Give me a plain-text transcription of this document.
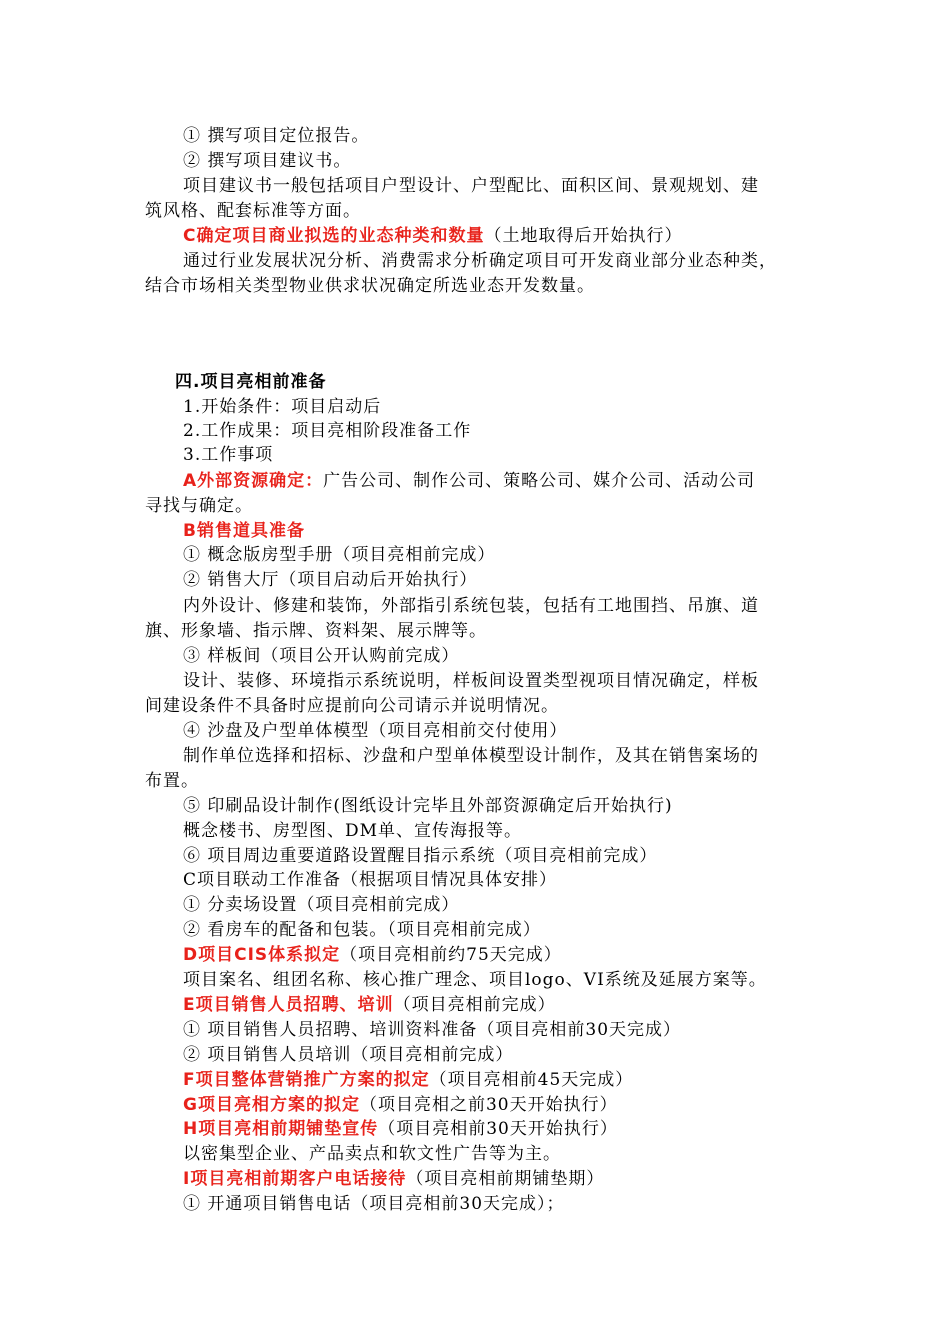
① 撰写项目定位报告。
② 撰写项目建议书。
项目建议书一般包括项目户型设计、户型配比、面积区间、景观规划、建
筑风格、配套标准等方面。
C确定项目商业拟选的业态种类和数量（土地取得后开始执行）
通过行业发展状况分析、消费需求分析确定项目可开发商业部分业态种类，
结合市场相关类型物业供求状况确定所选业态开发数量。
四.项目亮相前准备
1.开始条件：项目启动后
2.工作成果：项目亮相阶段准备工作
3.工作事项
A外部资源确定：广告公司、制作公司、策略公司、媒介公司、活动公司
寻找与确定。
B销售道具准备
① 概念版房型手册（项目亮相前完成）
② 销售大厅（项目启动后开始执行）
内外设计、修建和装饰，外部指引系统包装，包括有工地围挡、吊旗、道
旗、形象墙、指示牌、资料架、展示牌等。
③ 样板间（项目公开认购前完成）
设计、装修、环境指示系统说明，样板间设置类型视项目情况确定，样板
间建设条件不具备时应提前向公司请示并说明情况。
④ 沙盘及户型单体模型（项目亮相前交付使用）
制作单位选择和招标、沙盘和户型单体模型设计制作，及其在销售案场的
布置。
⑤ 印刷品设计制作(图纸设计完毕且外部资源确定后开始执行)
概念楼书、房型图、DM单、宣传海报等。
⑥ 项目周边重要道路设置醒目指示系统（项目亮相前完成）
C项目联动工作准备（根据项目情况具体安排）
① 分卖场设置（项目亮相前完成）
② 看房车的配备和包装。（项目亮相前完成）
D项目CIS体系拟定（项目亮相前约75天完成）
项目案名、组团名称、核心推广理念、项目logo、VI系统及延展方案等。
E项目销售人员招聘、培训（项目亮相前完成）
① 项目销售人员招聘、培训资料准备（项目亮相前30天完成）
② 项目销售人员培训（项目亮相前完成）
F项目整体营销推广方案的拟定（项目亮相前45天完成）
G项目亮相方案的拟定（项目亮相之前30天开始执行）
H项目亮相前期铺垫宣传（项目亮相前30天开始执行）
以密集型企业、产品卖点和软文性广告等为主。
I项目亮相前期客户电话接待（项目亮相前期铺垫期）
① 开通项目销售电话（项目亮相前30天完成）；
